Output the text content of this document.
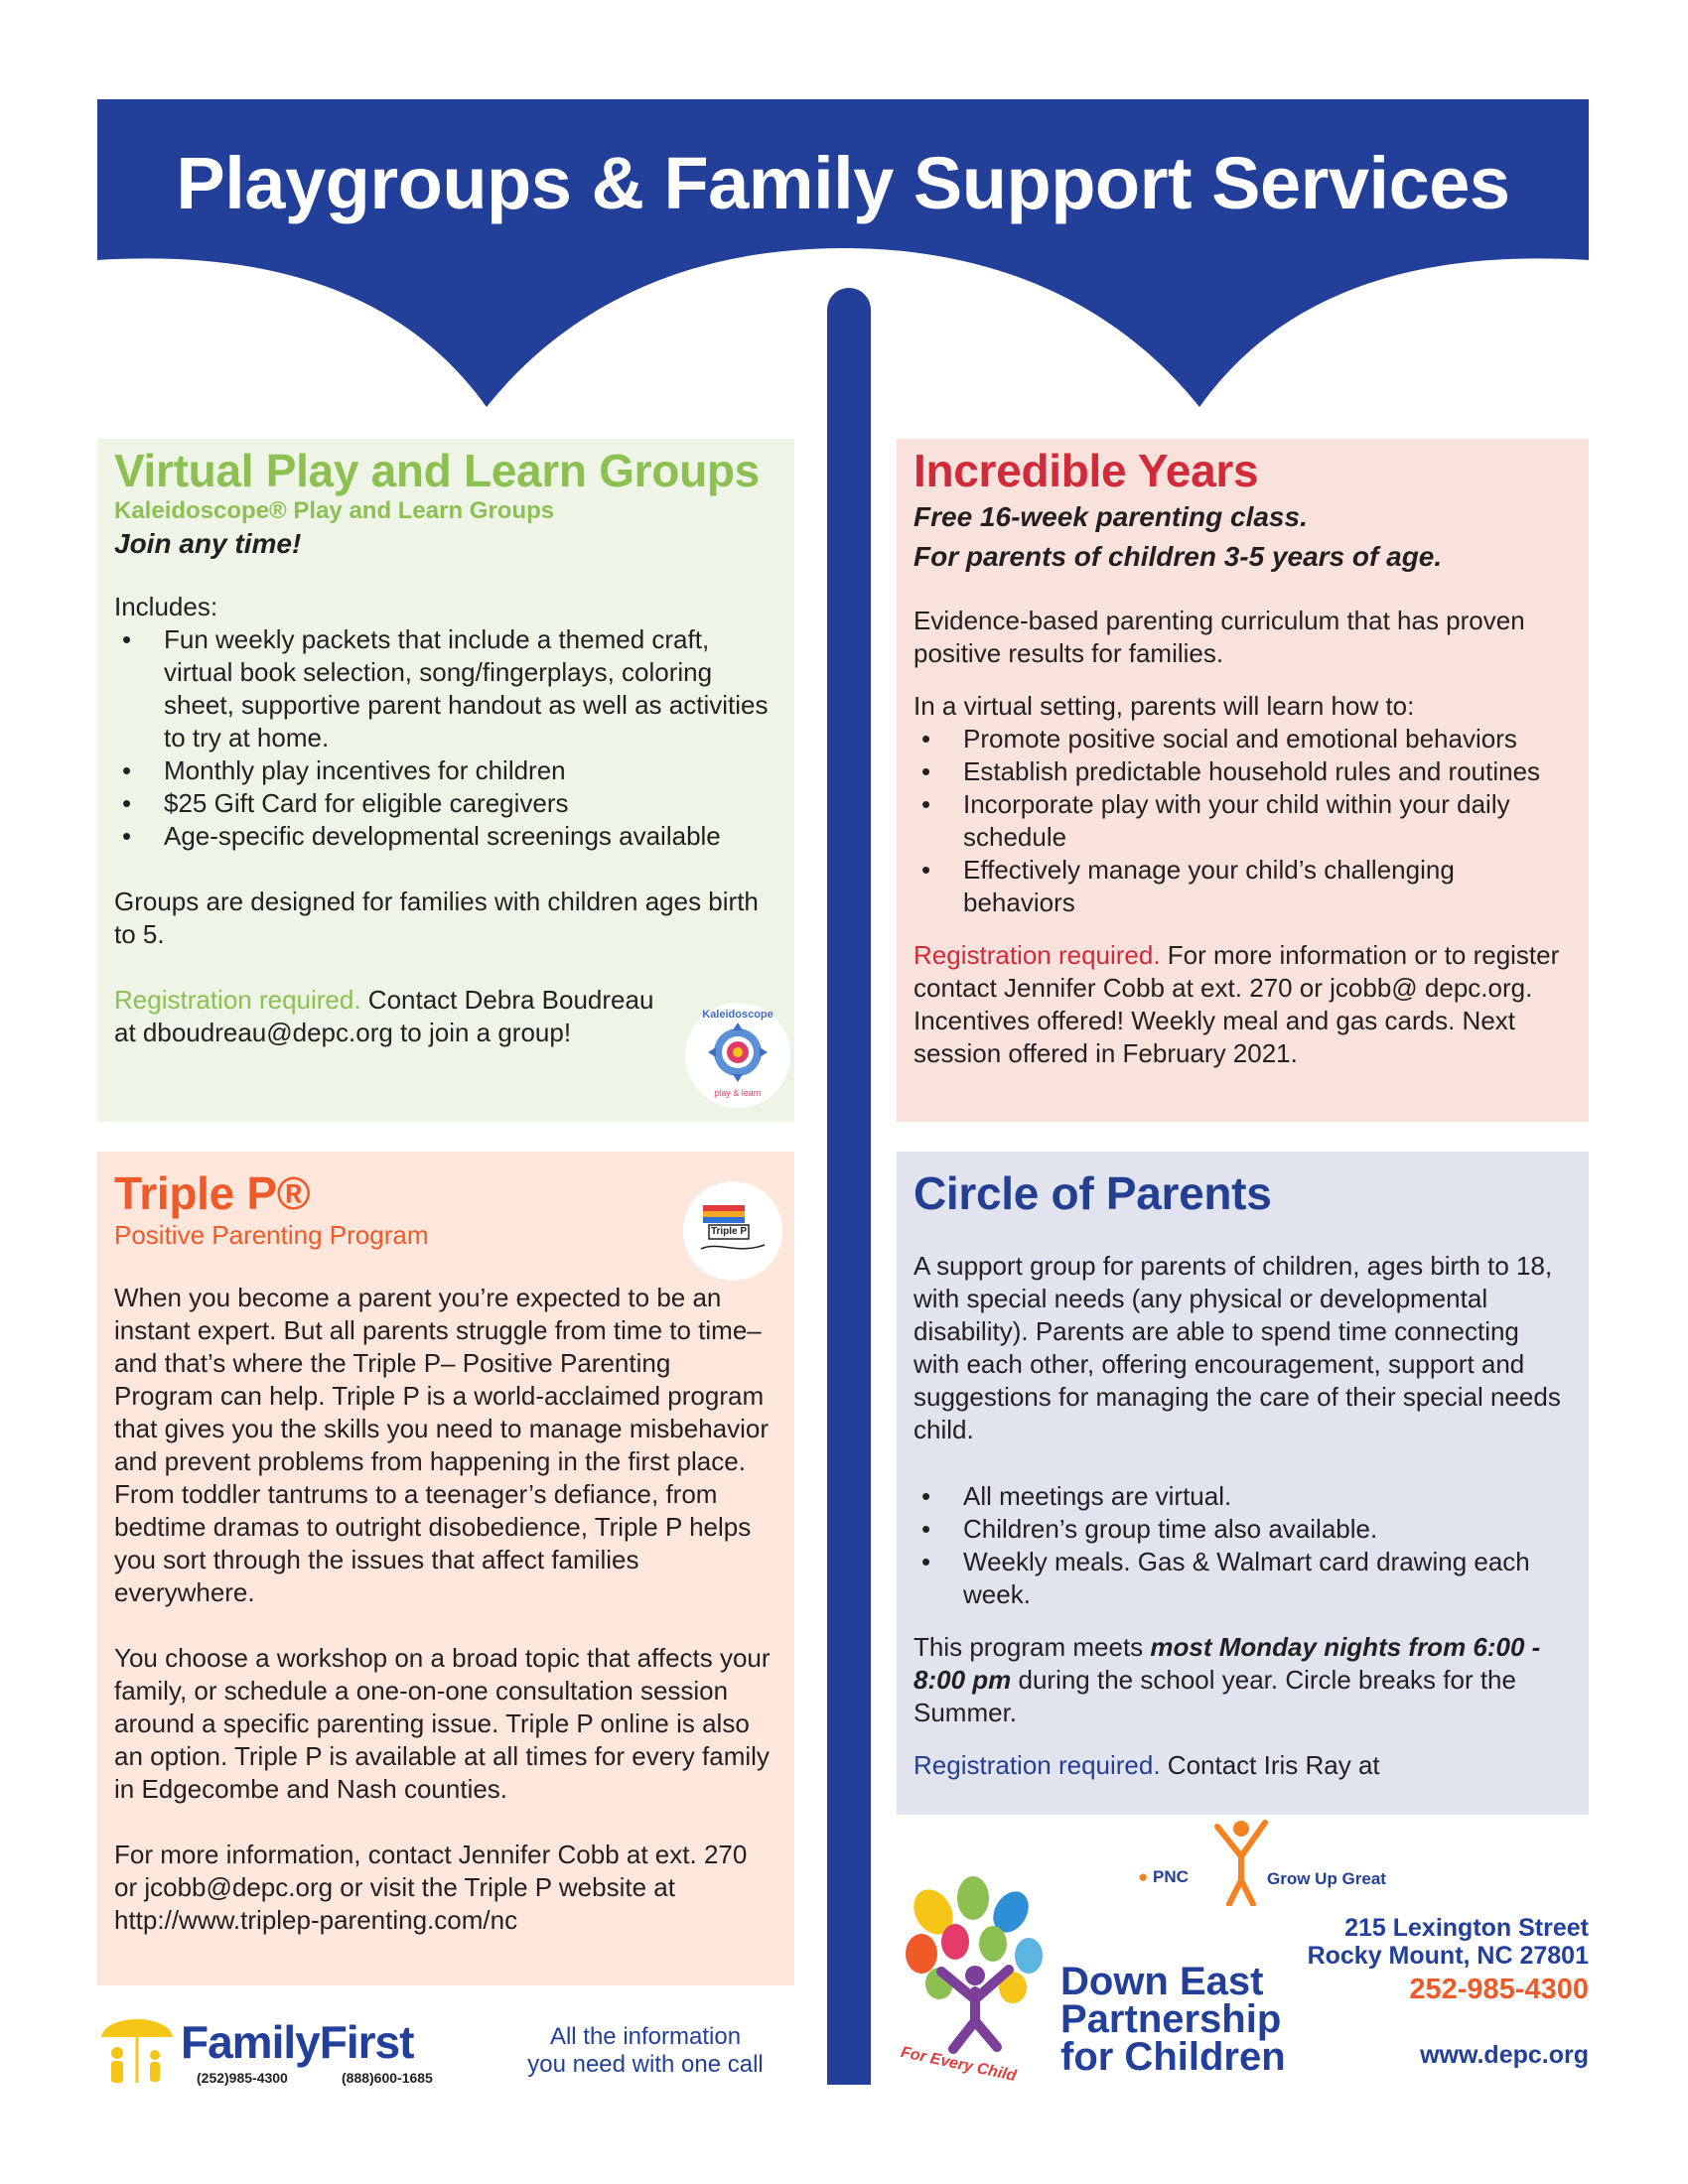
Playgroups & Family Support Services
Virtual Play and Learn Groups
Kaleidoscope® Play and Learn Groups
Join any time!
Includes:
• Fun weekly packets that include a themed craft, virtual book selection, song/fingerplays, coloring sheet, supportive parent handout as well as activities to try at home.
• Monthly play incentives for children
• $25 Gift Card for eligible caregivers
• Age-specific developmental screenings available
Groups are designed for families with children ages birth to 5.
Registration required. Contact Debra Boudreau at dboudreau@depc.org to join a group!
Kaleidoscope
play & learn
Incredible Years
Free 16-week parenting class.
For parents of children 3-5 years of age.
Evidence-based parenting curriculum that has proven positive results for families.
In a virtual setting, parents will learn how to:
• Promote positive social and emotional behaviors
• Establish predictable household rules and routines
• Incorporate play with your child within your daily schedule
• Effectively manage your child’s challenging behaviors
Registration required. For more information or to register contact Jennifer Cobb at ext. 270 or jcobb@ depc.org. Incentives offered! Weekly meal and gas cards. Next session offered in February 2021.
Triple P®
Positive Parenting Program
When you become a parent you’re expected to be an instant expert. But all parents struggle from time to time– and that’s where the Triple P– Positive Parenting Program can help. Triple P is a world-acclaimed program that gives you the skills you need to manage misbehavior and prevent problems from happening in the first place. From toddler tantrums to a teenager’s defiance, from bedtime dramas to outright disobedience, Triple P helps you sort through the issues that affect families everywhere.
You choose a workshop on a broad topic that affects your family, or schedule a one-on-one consultation session around a specific parenting issue. Triple P online is also an option. Triple P is available at all times for every family in Edgecombe and Nash counties.
For more information, contact Jennifer Cobb at ext. 270 or jcobb@depc.org or visit the Triple P website at http://www.triplep-parenting.com/nc
Triple P
Circle of Parents
A support group for parents of children, ages birth to 18, with special needs (any physical or developmental disability). Parents are able to spend time connecting with each other, offering encouragement, support and suggestions for managing the care of their special needs child.
• All meetings are virtual.
• Children’s group time also available.
• Weekly meals. Gas & Walmart card drawing each week.
This program meets most Monday nights from 6:00 - 8:00 pm during the school year. Circle breaks for the Summer.
Registration required. Contact Iris Ray at
FamilyFirst
(252)985-4300	(888)600-1685
All the information
you need with one call
● PNC	Grow Up Great
For Every Child
Down East
Partnership
for Children
215 Lexington Street
Rocky Mount, NC 27801
252-985-4300
www.depc.org
